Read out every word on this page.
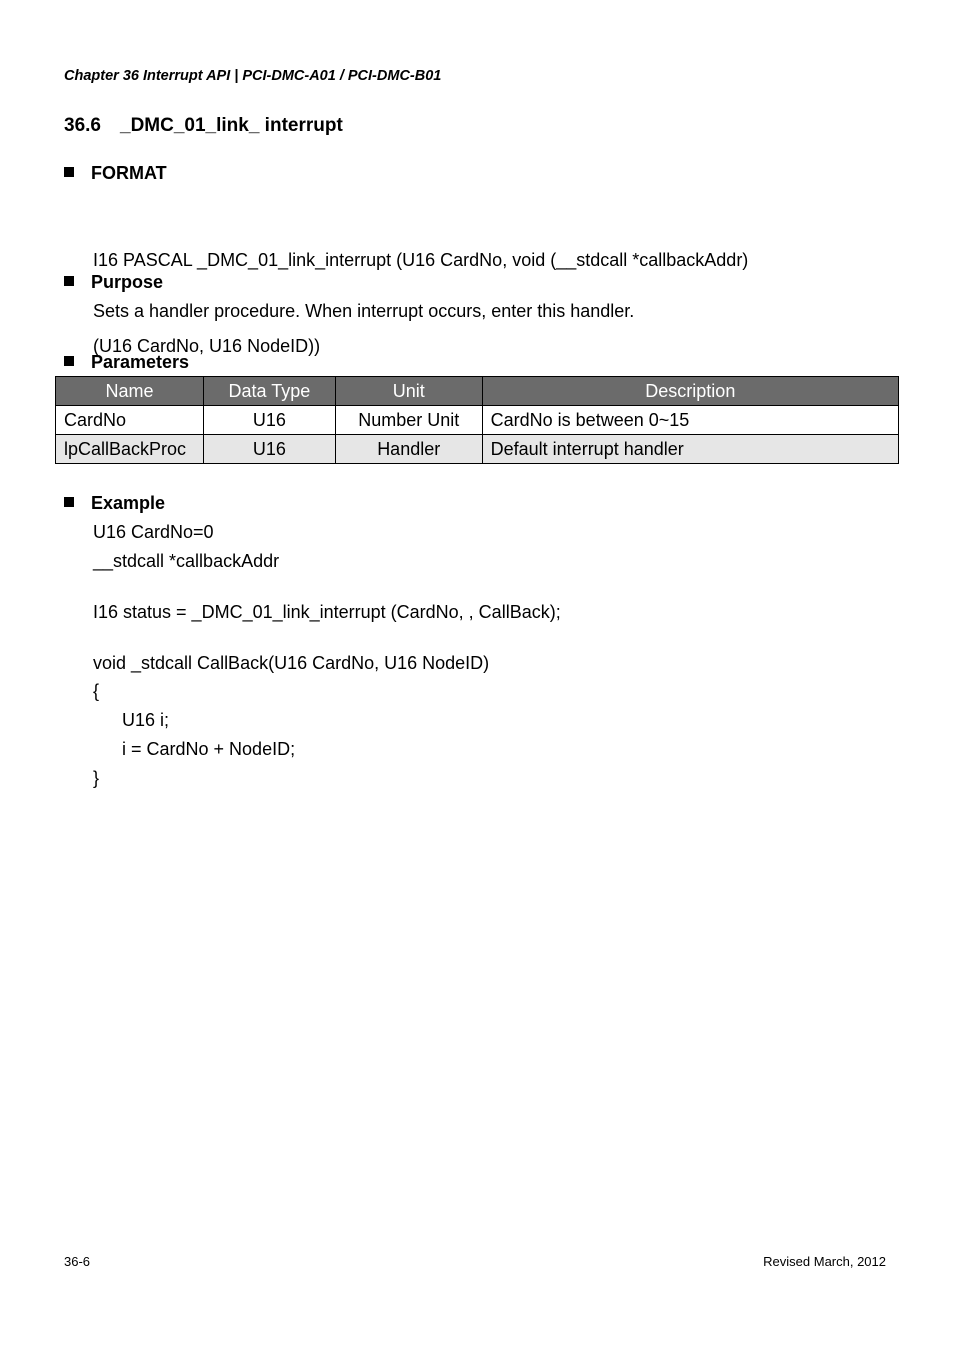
Chapter 36 Interrupt API | PCI-DMC-A01 / PCI-DMC-B01
36.6 _DMC_01_link_ interrupt
FORMAT

I16 PASCAL _DMC_01_link_interrupt (U16 CardNo, void (__stdcall *callbackAddr)

(U16 CardNo, U16 NodeID))

Purpose
Sets a handler procedure. When interrupt occurs, enter this handler.
Parameters
Name	Data Type	Unit	Description
CardNo	U16	Number Unit	CardNo is between 0~15
lpCallBackProc	U16	Handler	Default interrupt handler
Example
U16 CardNo=0
__stdcall *callbackAddr
I16 status = _DMC_01_link_interrupt (CardNo, , CallBack);
void _stdcall CallBack(U16 CardNo, U16 NodeID)
{
U16 i;
i = CardNo + NodeID;
}
36-6	Revised March, 2012
